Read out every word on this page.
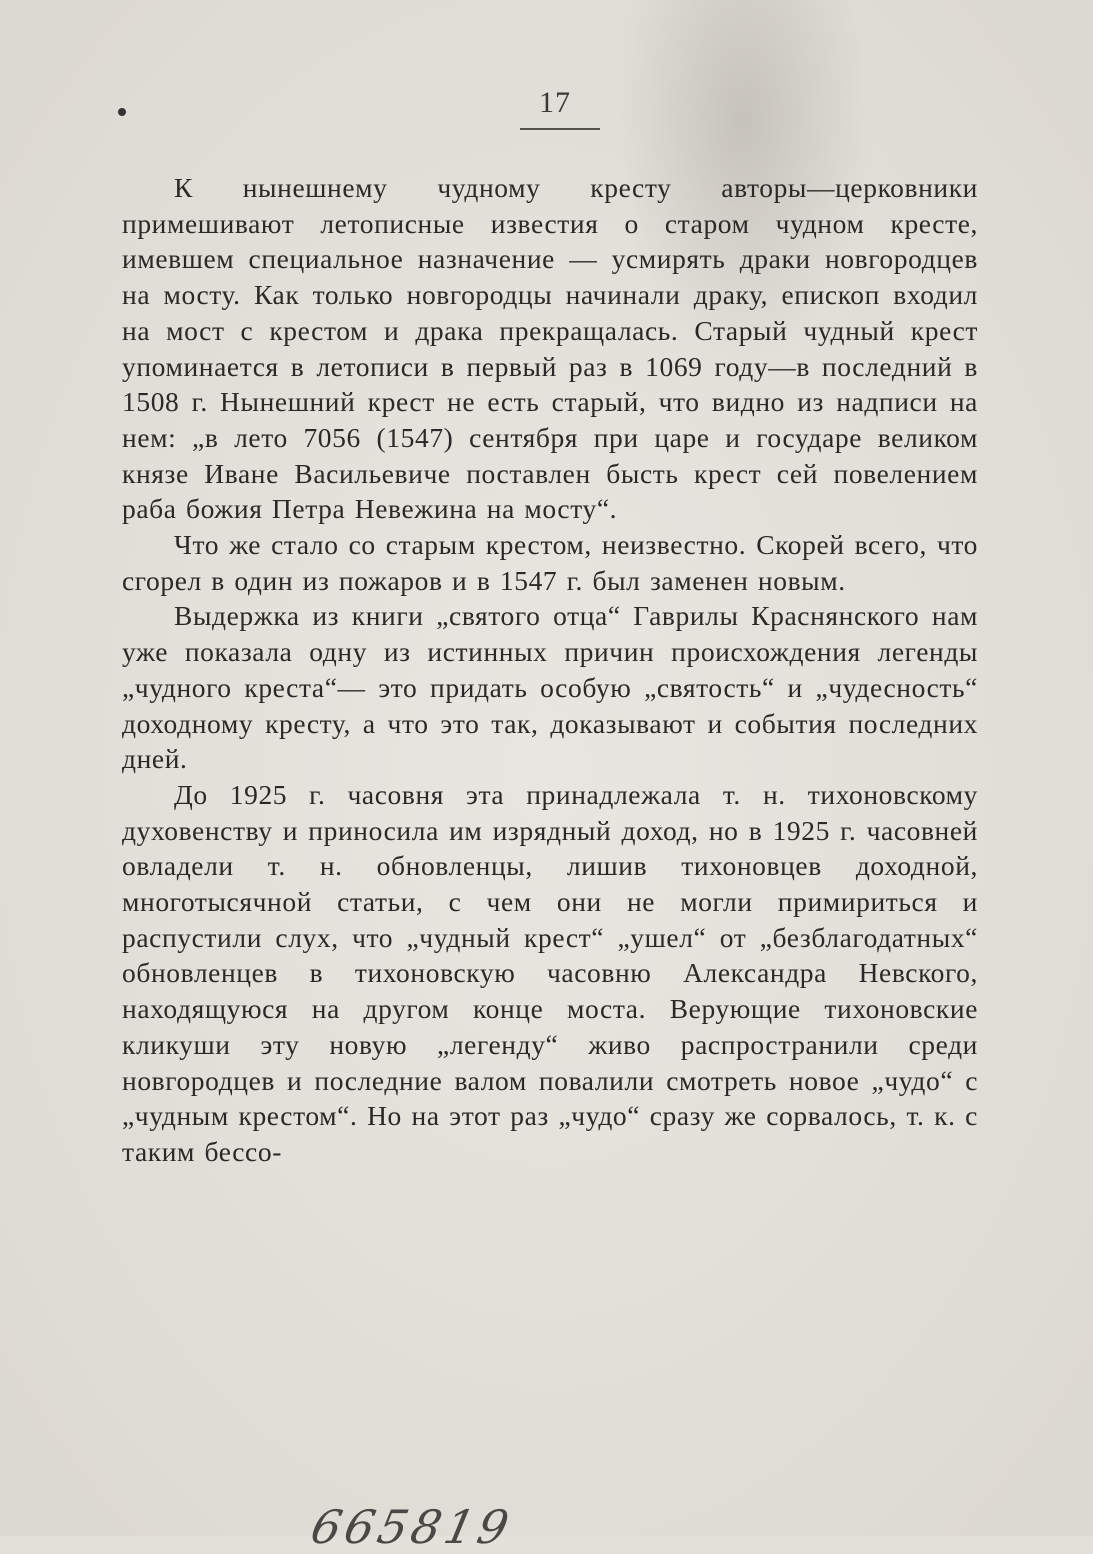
17

К нынешнему чудному кресту авторы—церковники примешивают летописные известия о старом чудном кресте, имевшем специальное назначение — усмирять драки новгородцев на мосту. Как только новгородцы начинали драку, епископ входил на мост с крестом и драка прекращалась. Старый чудный крест упоминается в летописи в первый раз в 1069 году—в последний в 1508 г. Нынешний крест не есть старый, что видно из надписи на нем: „в лето 7056 (1547) сентября при царе и государе великом князе Иване Васильевиче поставлен бысть крест сей повелением раба божия Петра Невежина на мосту“.

Что же стало со старым крестом, неизвестно. Скорей всего, что сгорел в один из пожаров и в 1547 г. был заменен новым.

Выдержка из книги „святого отца“ Гаврилы Краснянского нам уже показала одну из истинных причин происхождения легенды „чудного креста“— это придать особую „святость“ и „чудесность“ доходному кресту, а что это так, доказывают и события последних дней.

До 1925 г. часовня эта принадлежала т. н. тихоновскому духовенству и приносила им изрядный доход, но в 1925 г. часовней овладели т. н. обновленцы, лишив тихоновцев доходной, многотысячной статьи, с чем они не могли примириться и распустили слух, что „чудный крест“ „ушел“ от „безблагодатных“ обновленцев в тихоновскую часовню Александра Невского, находящуюся на другом конце моста. Верующие тихоновские кликуши эту новую „легенду“ живо распространили среди новгородцев и последние валом повалили смотреть новое „чудо“ с „чудным крестом“. Но на этот раз „чудо“ сразу же сорвалось, т. к. с таким бессо-

665819
